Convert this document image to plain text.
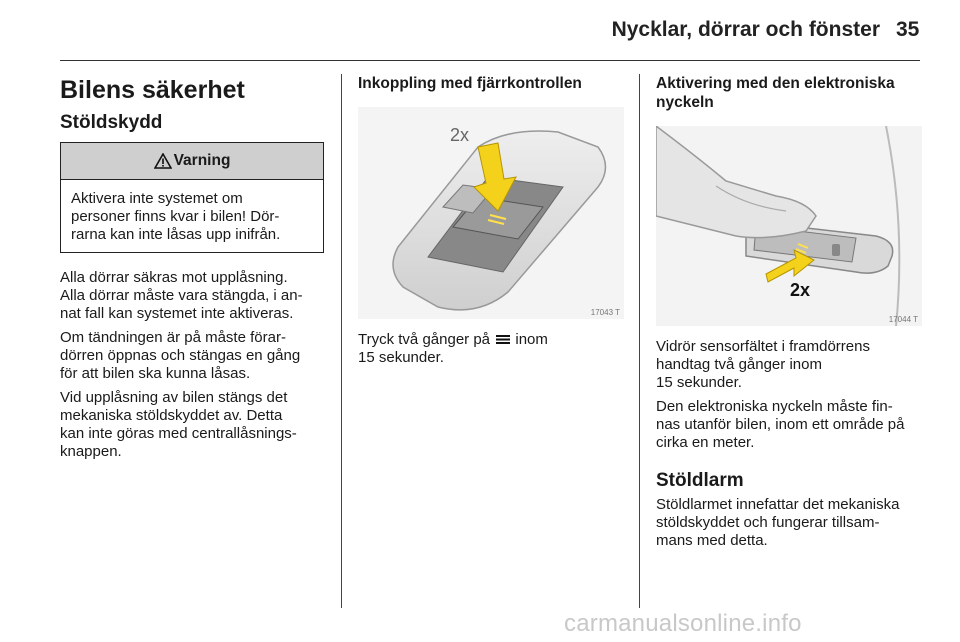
Nycklar, dörrar och fönster 35
Bilens säkerhet
Stöldskydd
Varning
Aktivera inte systemet om
personer finns kvar i bilen! Dör-
rarna kan inte låsas upp inifrån.

Alla dörrar säkras mot upplåsning.
Alla dörrar måste vara stängda, i an-
nat fall kan systemet inte aktiveras.

Om tändningen är på måste förar-
dörren öppnas och stängas en gång
för att bilen ska kunna låsas.

Vid upplåsning av bilen stängs det
mekaniska stöldskyddet av. Detta
kan inte göras med centrallåsnings-
knappen.

Inkoppling med fjärrkontrollen
2x
17043 T

Tryck två gånger på inom
15 sekunder.

Aktivering med den elektroniska
nyckeln
2x
17044 T

Vidrör sensorfältet i framdörrens
handtag två gånger inom
15 sekunder.

Den elektroniska nyckeln måste fin-
nas utanför bilen, inom ett område på
cirka en meter.

Stöldlarm

Stöldlarmet innefattar det mekaniska
stöldskyddet och fungerar tillsam-
mans med detta.

carmanualsonline.info
